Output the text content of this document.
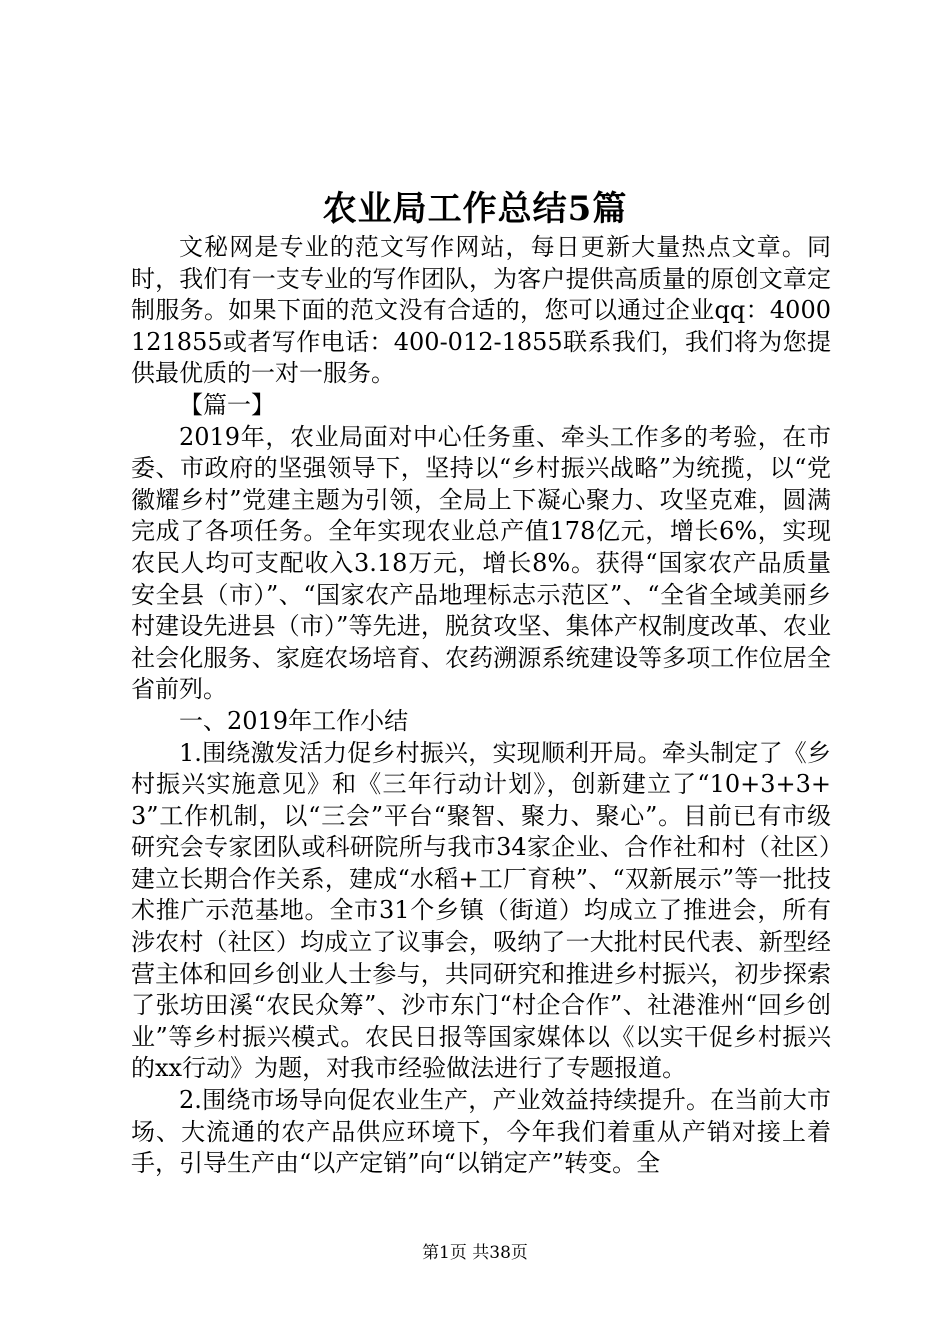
农业局工作总结5篇

文秘网是专业的范文写作网站，每日更新大量热点文章。同时，我们有一支专业的写作团队，为客户提供高质量的原创文章定制服务。如果下面的范文没有合适的，您可以通过企业qq：4000121855或者写作电话：400-012-1855联系我们，我们将为您提供最优质的一对一服务。

【篇一】

2019年，农业局面对中心任务重、牵头工作多的考验，在市委、市政府的坚强领导下，坚持以“乡村振兴战略”为统揽，以“党徽耀乡村”党建主题为引领，全局上下凝心聚力、攻坚克难，圆满完成了各项任务。全年实现农业总产值178亿元，增长6%，实现农民人均可支配收入3.18万元，增长8%。获得“国家农产品质量安全县（市）”、“国家农产品地理标志示范区”、“全省全域美丽乡村建设先进县（市）”等先进，脱贫攻坚、集体产权制度改革、农业社会化服务、家庭农场培育、农药溯源系统建设等多项工作位居全省前列。

一、2019年工作小结

1.围绕激发活力促乡村振兴，实现顺利开局。牵头制定了《乡村振兴实施意见》和《三年行动计划》，创新建立了“10+3+3+3”工作机制，以“三会”平台“聚智、聚力、聚心”。目前已有市级研究会专家团队或科研院所与我市34家企业、合作社和村（社区）建立长期合作关系，建成“水稻+工厂育秧”、“双新展示”等一批技术推广示范基地。全市31个乡镇（街道）均成立了推进会，所有涉农村（社区）均成立了议事会，吸纳了一大批村民代表、新型经营主体和回乡创业人士参与，共同研究和推进乡村振兴，初步探索了张坊田溪“农民众筹”、沙市东门“村企合作”、社港淮州“回乡创业”等乡村振兴模式。农民日报等国家媒体以《以实干促乡村振兴的xx行动》为题，对我市经验做法进行了专题报道。

2.围绕市场导向促农业生产，产业效益持续提升。在当前大市场、大流通的农产品供应环境下，今年我们着重从产销对接上着手，引导生产由“以产定销”向“以销定产”转变。全

第1页 共38页
